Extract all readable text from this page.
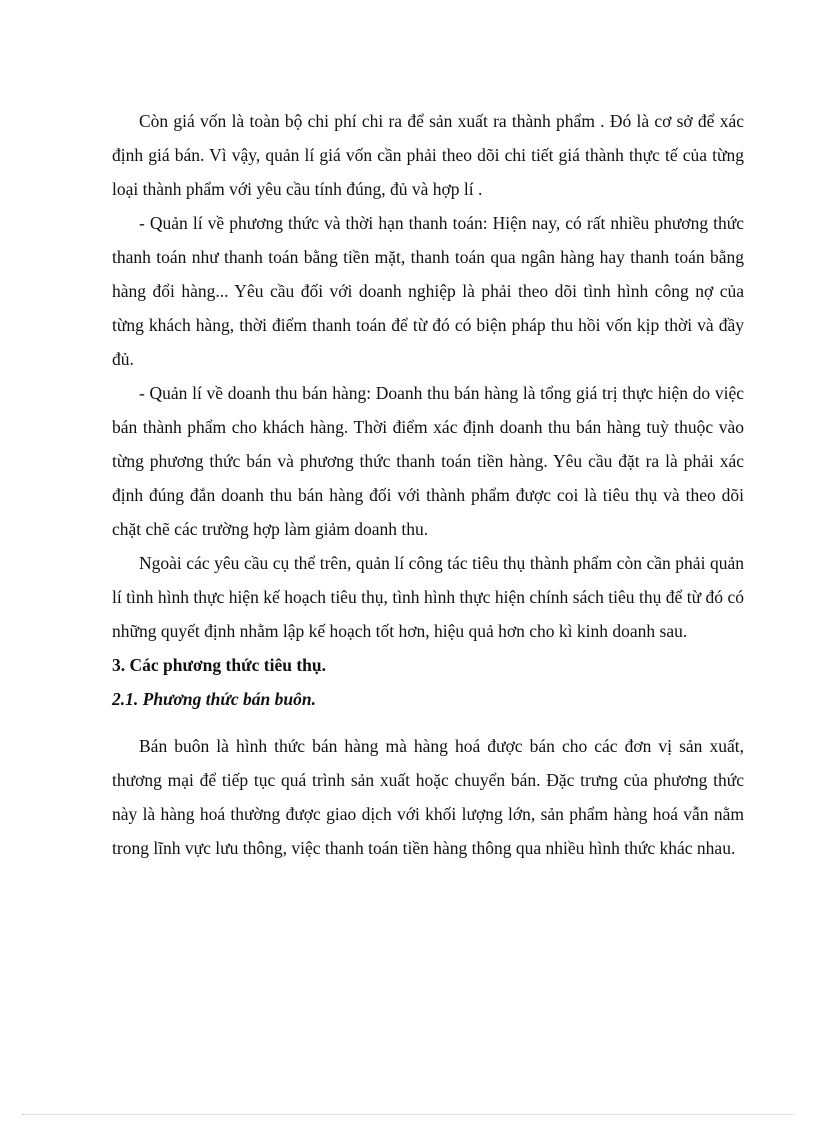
Còn giá vốn là toàn bộ chi phí chi ra để sản xuất ra thành phẩm . Đó là cơ sở để xác định giá bán. Vì vậy, quản lí giá vốn cần phải theo dõi chi tiết giá thành thực tế của từng loại thành phẩm với yêu cầu tính đúng, đủ và hợp lí .

- Quản lí về phương thức và thời hạn thanh toán: Hiện nay, có rất nhiều phương thức thanh toán như thanh toán bằng tiền mặt, thanh toán qua ngân hàng hay thanh toán bằng hàng đổi hàng... Yêu cầu đối với doanh nghiệp là phải theo dõi tình hình công nợ của từng khách hàng, thời điểm thanh toán để từ đó có biện pháp thu hồi vốn kịp thời và đầy đủ.

- Quản lí về doanh thu bán hàng: Doanh thu bán hàng là tổng giá trị thực hiện do việc bán thành phẩm cho khách hàng. Thời điểm xác định doanh thu bán hàng tuỳ thuộc vào từng phương thức bán và phương thức thanh toán tiền hàng. Yêu cầu đặt ra là phải xác định đúng đắn doanh thu bán hàng đối với thành phẩm được coi là tiêu thụ và theo dõi chặt chẽ các trường hợp làm giảm doanh thu.

Ngoài các yêu cầu cụ thể trên, quản lí công tác tiêu thụ thành phẩm còn cần phải quản lí tình hình thực hiện kế hoạch tiêu thụ, tình hình thực hiện chính sách tiêu thụ để từ đó có những quyết định nhằm lập kế hoạch tốt hơn, hiệu quả hơn cho kì kinh doanh sau.

3. Các phương thức tiêu thụ.

2.1. Phương thức bán buôn.

Bán buôn là hình thức bán hàng mà hàng hoá được bán cho các đơn vị sản xuất, thương mại để tiếp tục quá trình sản xuất hoặc chuyển bán. Đặc trưng của phương thức này là hàng hoá thường được giao dịch với khối lượng lớn, sản phẩm hàng hoá vẫn nằm trong lĩnh vực lưu thông, việc thanh toán tiền hàng thông qua nhiều hình thức khác nhau.
